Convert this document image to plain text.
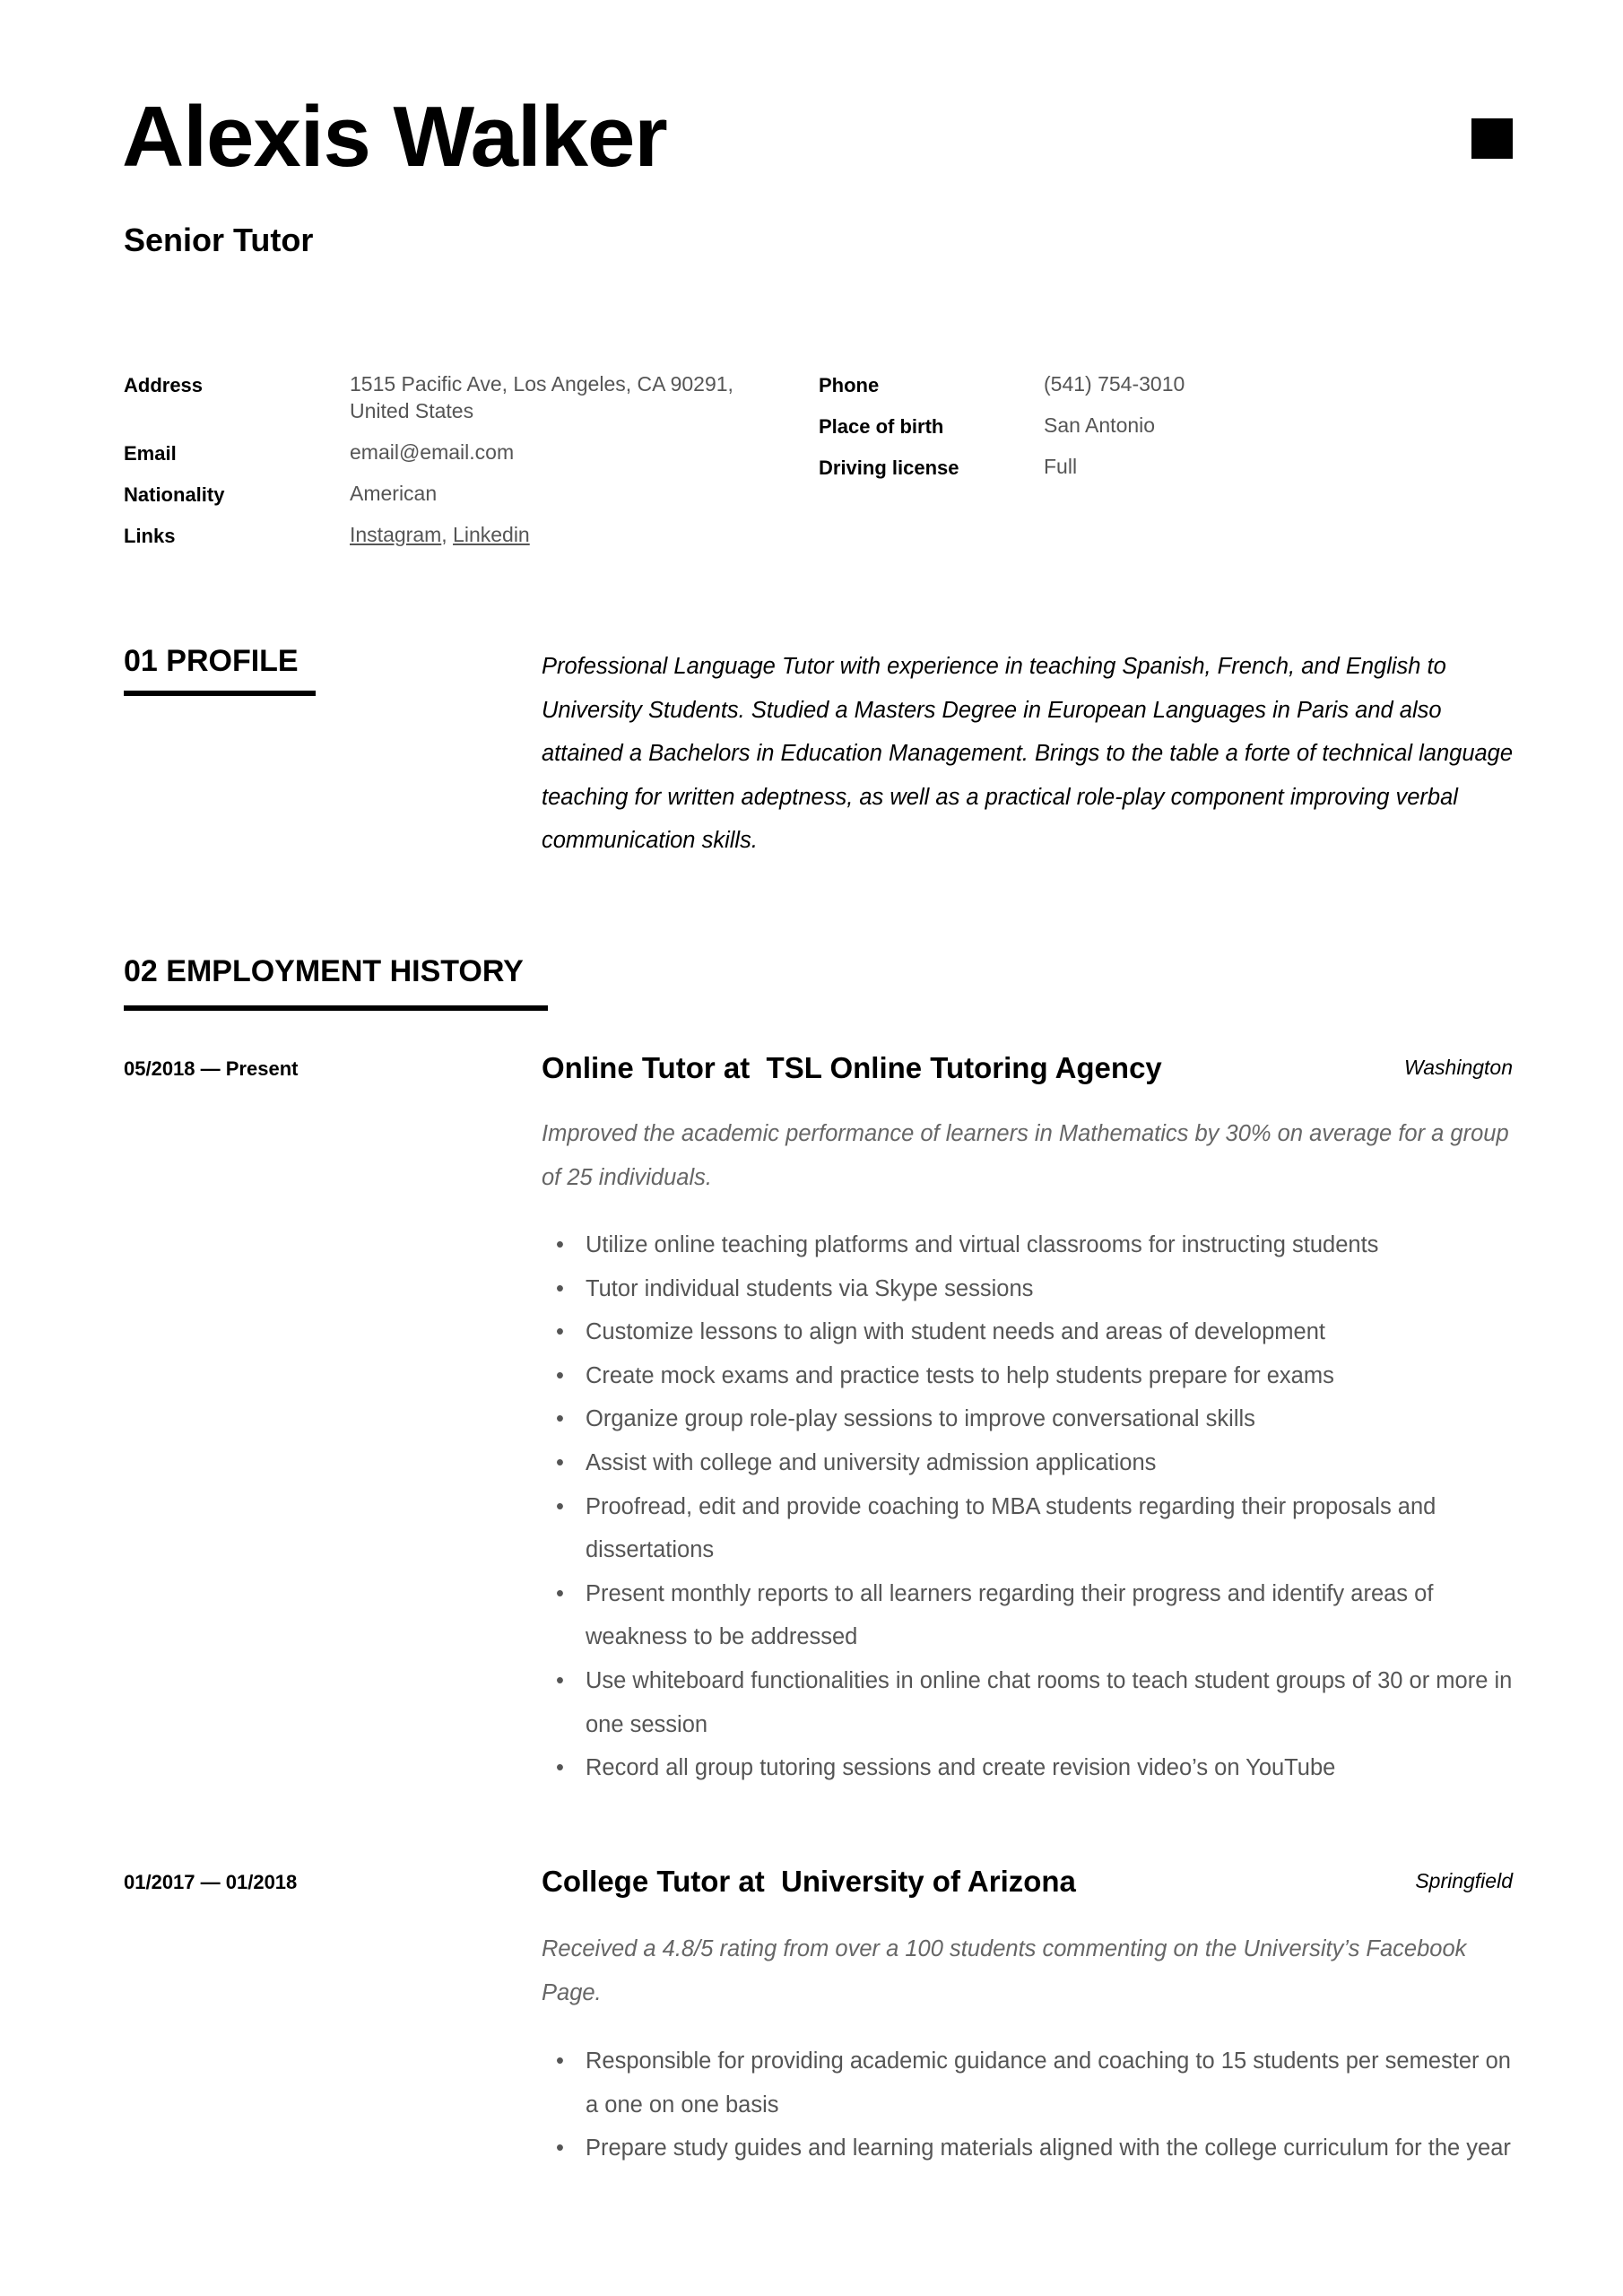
Alexis Walker
Senior Tutor
Address	1515 Pacific Ave, Los Angeles, CA 90291,
United States
Email	email@email.com
Nationality	American
Links	Instagram, Linkedin
Phone	(541) 754-3010
Place of birth	San Antonio
Driving license	Full
01 PROFILE	Professional Language Tutor with experience in teaching Spanish, French, and English to University Students. Studied a Masters Degree in European Languages in Paris and also attained a Bachelors in Education Management. Brings to the table a forte of technical language teaching for written adeptness, as well as a practical role-play component improving verbal communication skills.
02 EMPLOYMENT HISTORY
05/2018 — Present	Online Tutor at  TSL Online Tutoring Agency	Washington
Improved the academic performance of learners in Mathematics by 30% on average for a group of 25 individuals.
• Utilize online teaching platforms and virtual classrooms for instructing students
• Tutor individual students via Skype sessions
• Customize lessons to align with student needs and areas of development
• Create mock exams and practice tests to help students prepare for exams
• Organize group role-play sessions to improve conversational skills
• Assist with college and university admission applications
• Proofread, edit and provide coaching to MBA students regarding their proposals and dissertations
• Present monthly reports to all learners regarding their progress and identify areas of weakness to be addressed
• Use whiteboard functionalities in online chat rooms to teach student groups of 30 or more in one session
• Record all group tutoring sessions and create revision video’s on YouTube
01/2017 — 01/2018	College Tutor at  University of Arizona	Springfield
Received a 4.8/5 rating from over a 100 students commenting on the University’s Facebook Page.
• Responsible for providing academic guidance and coaching to 15 students per semester on a one on one basis
• Prepare study guides and learning materials aligned with the college curriculum for the year
